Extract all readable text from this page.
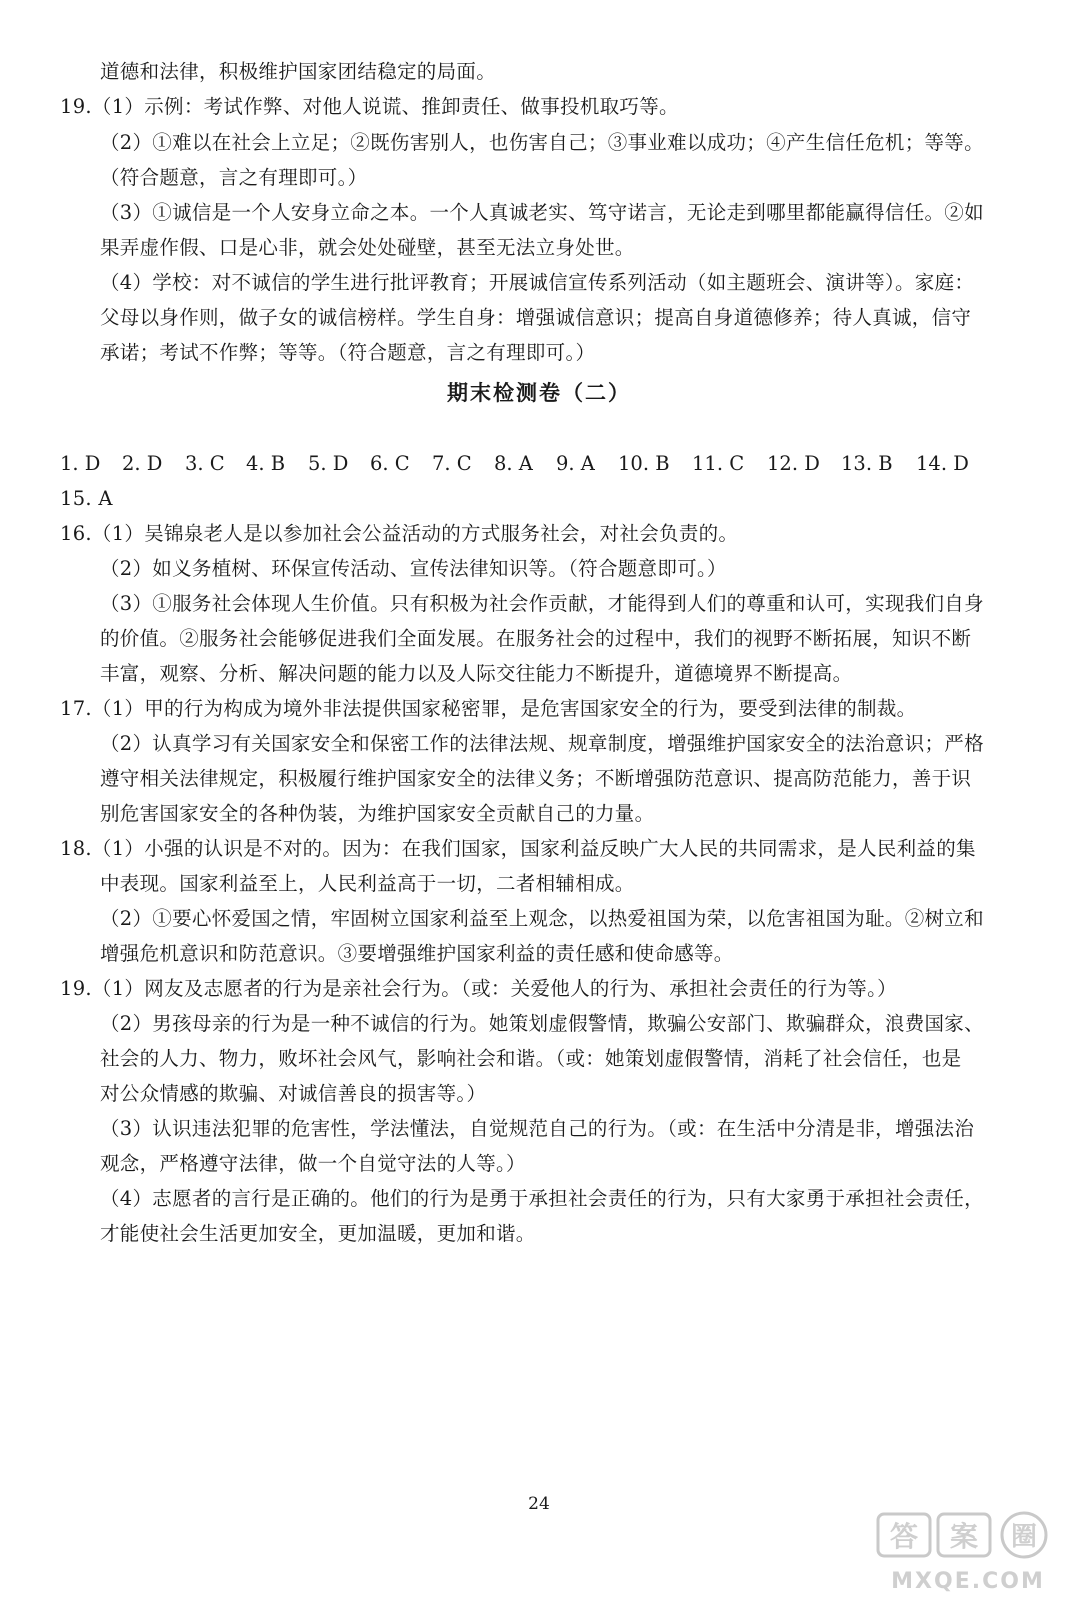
道德和法律，积极维护国家团结稳定的局面。
19.（1）示例：考试作弊、对他人说谎、推卸责任、做事投机取巧等。
（2）①难以在社会上立足；②既伤害别人，也伤害自己；③事业难以成功；④产生信任危机；等等。
（符合题意，言之有理即可。）
（3）①诚信是一个人安身立命之本。一个人真诚老实、笃守诺言，无论走到哪里都能赢得信任。②如
果弄虚作假、口是心非，就会处处碰壁，甚至无法立身处世。
（4）学校：对不诚信的学生进行批评教育；开展诚信宣传系列活动（如主题班会、演讲等）。家庭：
父母以身作则，做子女的诚信榜样。学生自身：增强诚信意识；提高自身道德修养；待人真诚，信守
承诺；考试不作弊；等等。（符合题意，言之有理即可。）
期末检测卷（二）
1. D 2. D 3. C 4. B 5. D 6. C 7. C 8. A 9. A 10. B 11. C 12. D 13. B 14. D
15. A
16.（1）吴锦泉老人是以参加社会公益活动的方式服务社会，对社会负责的。
（2）如义务植树、环保宣传活动、宣传法律知识等。（符合题意即可。）
（3）①服务社会体现人生价值。只有积极为社会作贡献，才能得到人们的尊重和认可，实现我们自身
的价值。②服务社会能够促进我们全面发展。在服务社会的过程中，我们的视野不断拓展，知识不断
丰富，观察、分析、解决问题的能力以及人际交往能力不断提升，道德境界不断提高。
17.（1）甲的行为构成为境外非法提供国家秘密罪，是危害国家安全的行为，要受到法律的制裁。
（2）认真学习有关国家安全和保密工作的法律法规、规章制度，增强维护国家安全的法治意识；严格
遵守相关法律规定，积极履行维护国家安全的法律义务；不断增强防范意识、提高防范能力，善于识
别危害国家安全的各种伪装，为维护国家安全贡献自己的力量。
18.（1）小强的认识是不对的。因为：在我们国家，国家利益反映广大人民的共同需求，是人民利益的集
中表现。国家利益至上，人民利益高于一切，二者相辅相成。
（2）①要心怀爱国之情，牢固树立国家利益至上观念，以热爱祖国为荣，以危害祖国为耻。②树立和
增强危机意识和防范意识。③要增强维护国家利益的责任感和使命感等。
19.（1）网友及志愿者的行为是亲社会行为。（或：关爱他人的行为、承担社会责任的行为等。）
（2）男孩母亲的行为是一种不诚信的行为。她策划虚假警情，欺骗公安部门、欺骗群众，浪费国家、
社会的人力、物力，败坏社会风气，影响社会和谐。（或：她策划虚假警情，消耗了社会信任，也是
对公众情感的欺骗、对诚信善良的损害等。）
（3）认识违法犯罪的危害性，学法懂法，自觉规范自己的行为。（或：在生活中分清是非，增强法治
观念，严格遵守法律，做一个自觉守法的人等。）
（4）志愿者的言行是正确的。他们的行为是勇于承担社会责任的行为，只有大家勇于承担社会责任，
才能使社会生活更加安全，更加温暖，更加和谐。
24
答 案 圈
MXQE.COM
